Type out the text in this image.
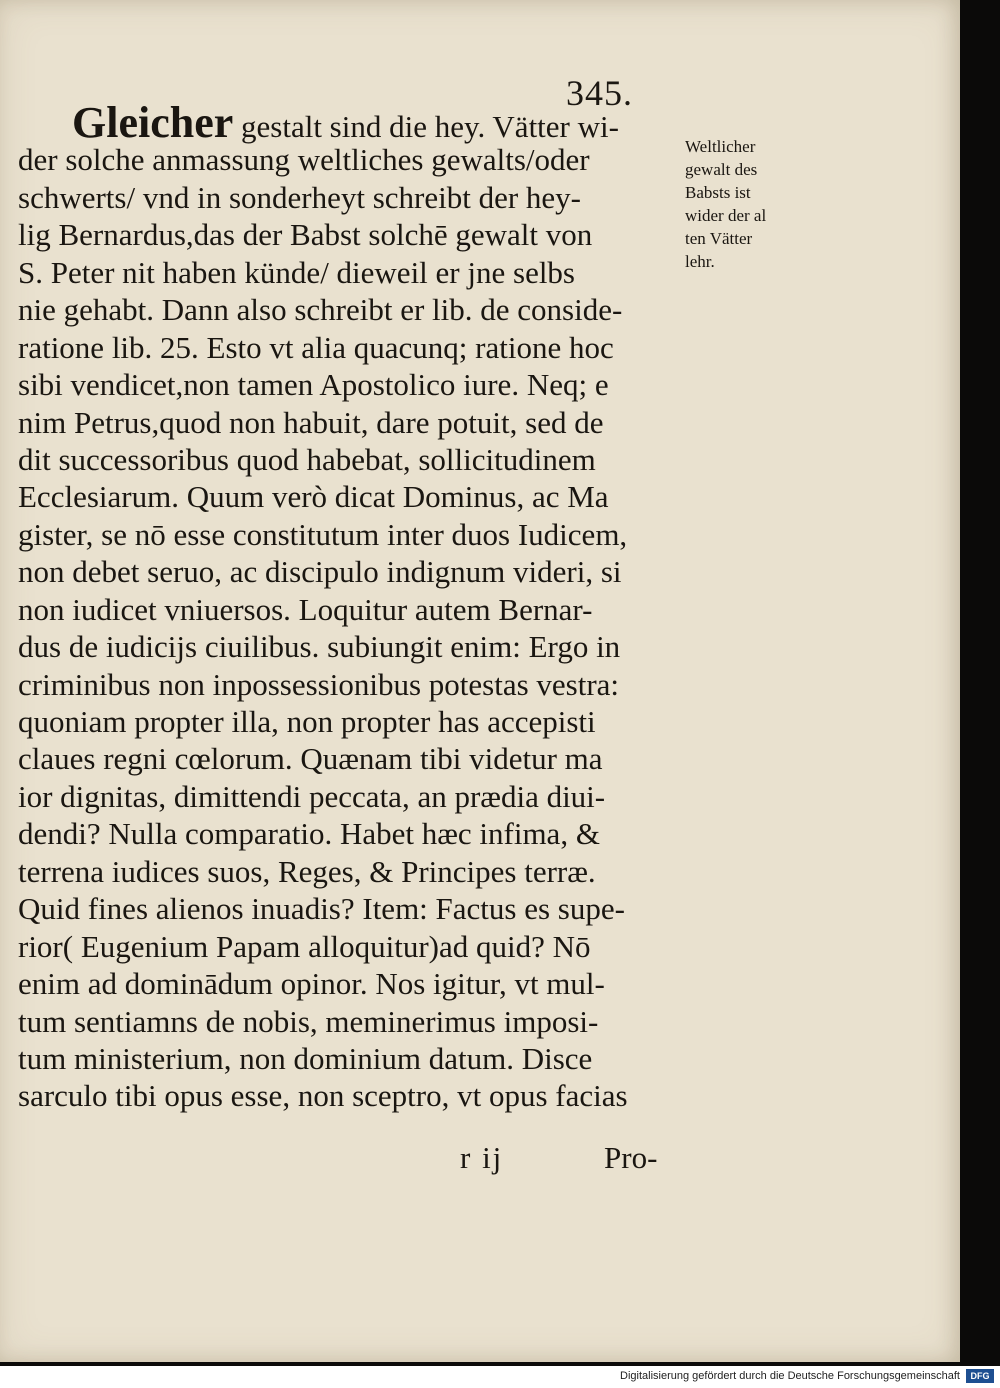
345.
Gleicher gestalt sind die hey. Vätter wi-
der solche anmassung weltliches gewalts/oder
schwerts/ vnd in sonderheyt schreibt der hey-
lig Bernardus,das der Babst solchē gewalt von
S. Peter nit haben künde/ dieweil er jne selbs
nie gehabt. Dann also schreibt er lib. de conside-
ratione lib. 25. Esto vt alia quacunq; ratione hoc
sibi vendicet,non tamen Apostolico iure. Neq; e
nim Petrus,quod non habuit, dare potuit, sed de
dit successoribus quod habebat, sollicitudinem
Ecclesiarum. Quum verò dicat Dominus, ac Ma
gister, se nō esse constitutum inter duos Iudicem,
non debet seruo, ac discipulo indignum videri, si
non iudicet vniuersos. Loquitur autem Bernar-
dus de iudicijs ciuilibus. subiungit enim: Ergo in
criminibus non inpossessionibus potestas vestra:
quoniam propter illa, non propter has accepisti
claues regni cœlorum. Quænam tibi videtur ma
ior dignitas, dimittendi peccata, an prædia diui-
dendi? Nulla comparatio. Habet hæc infima, &
terrena iudices suos, Reges, & Principes terræ.
Quid fines alienos inuadis? Item: Factus es supe-
rior( Eugenium Papam alloquitur)ad quid? Nō
enim ad dominādum opinor. Nos igitur, vt mul-
tum sentiamns de nobis, meminerimus imposi-
tum ministerium, non dominium datum. Disce
sarculo tibi opus esse, non sceptro, vt opus facias
Weltlicher
gewalt des
Babsts ist
wider der al
ten Vätter
lehr.
r ij	Pro-
Digitalisierung gefördert durch die Deutsche Forschungsgemeinschaft	DFG
